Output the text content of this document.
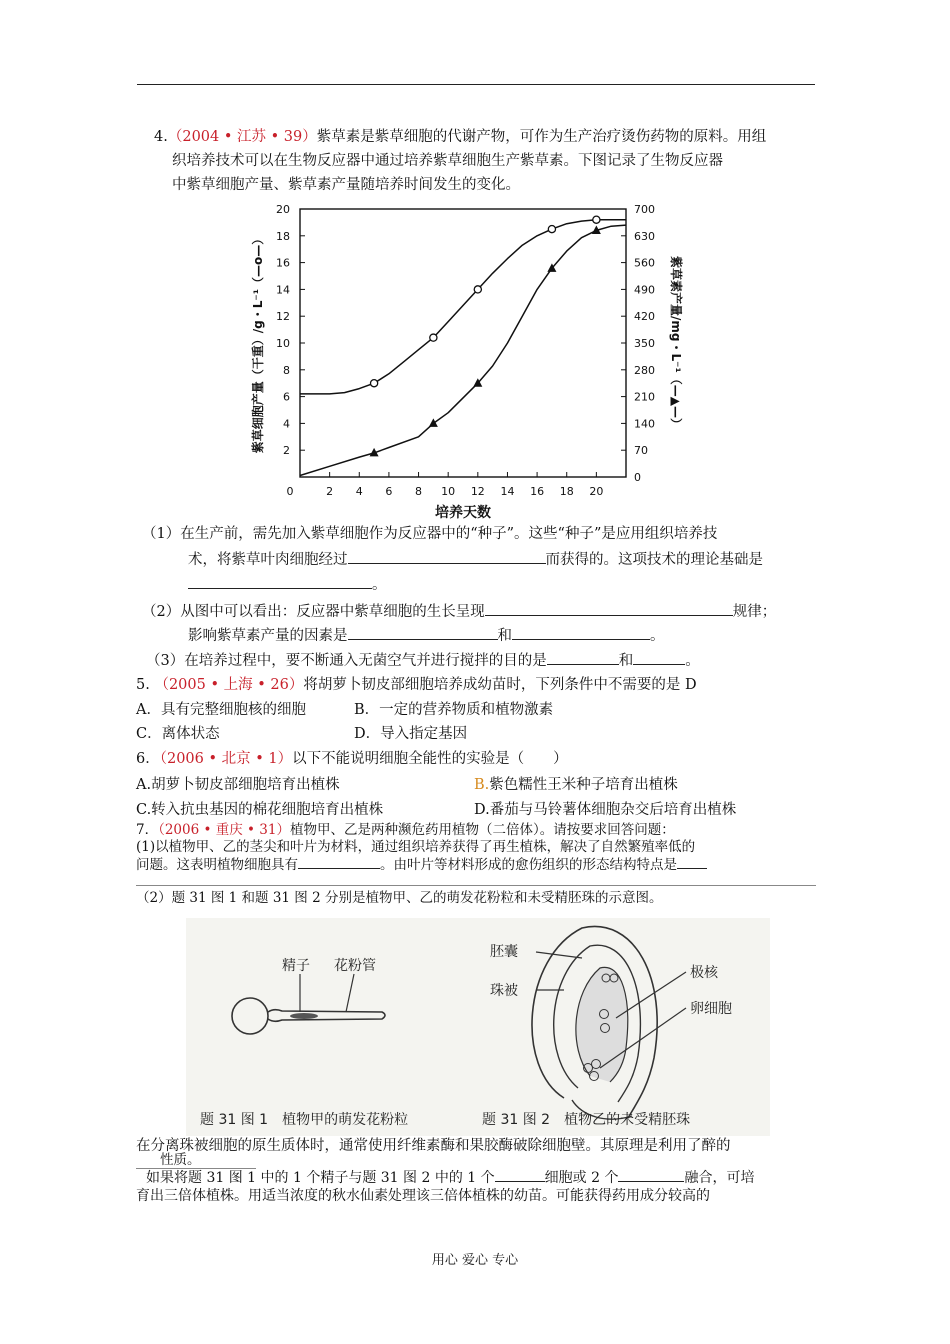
4.（2004 • 江苏 • 39）紫草素是紫草细胞的代谢产物，可作为生产治疗烫伤药物的原料。用组
织培养技术可以在生物反应器中通过培养紫草细胞生产紫草素。下图记录了生物反应器
中紫草细胞产量、紫草素产量随培养时间发生的变化。
0	2 4 6 8 10 12 14 16 18 20
2
4
6
8
10
12
14
16
18
20
0
70
140
210
280
350
420
490
560
630
700
培养天数
紫草细胞产量（干重）/g・L⁻¹（—o—）	紫草素产量/mg・L⁻¹（—▲—）
（1）在生产前，需先加入紫草细胞作为反应器中的“种子”。这些“种子”是应用组织培养技
术，将紫草叶肉细胞经过	而获得的。这项技术的理论基础是
。
（2）从图中可以看出：反应器中紫草细胞的生长呈现	规律；
影响紫草素产量的因素是	和	。
（3）在培养过程中，要不断通入无菌空气并进行搅拌的目的是	和	。
5. （2005 • 上海 • 26）将胡萝卜韧皮部细胞培养成幼苗时，下列条件中不需要的是 D
A．具有完整细胞核的细胞	B．一定的营养物质和植物激素
C．离体状态	D．导入指定基因
6．（2006 • 北京 • 1）以下不能说明细胞全能性的实验是（　　）
A.胡萝卜韧皮部细胞培育出植株	B.紫色糯性王米种子培育出植株
C.转入抗虫基因的棉花细胞培育出植株	D.番茄与马铃薯体细胞杂交后培育出植株
7．（2006 • 重庆 • 31）植物甲、乙是两种濒危药用植物（二倍体）。请按要求回答问题：
(1)以植物甲、乙的茎尖和叶片为材料，通过组织培养获得了再生植株，解决了自然繁殖率低的
问题。这表明植物细胞具有	。由叶片等材料形成的愈伤组织的形态结构特点是
（2）题 31 图 1 和题 31 图 2 分别是植物甲、乙的萌发花粉粒和未受精胚珠的示意图。
精子 花粉管
题 31 图 1　植物甲的萌发花粉粒
胚囊
珠被
极核
卵细胞
题 31 图 2　植物乙的未受精胚珠
在分离珠被细胞的原生质体时，通常使用纤维素酶和果胶酶破除细胞壁。其原理是利用了醉的
性质。
如果将题 31 图 1 中的 1 个精子与题 31 图 2 中的 1 个	细胞或 2 个	融合，可培
育出三倍体植株。用适当浓度的秋水仙素处理该三倍体植株的幼苗。可能获得药用成分较高的
用心 爱心 专心
